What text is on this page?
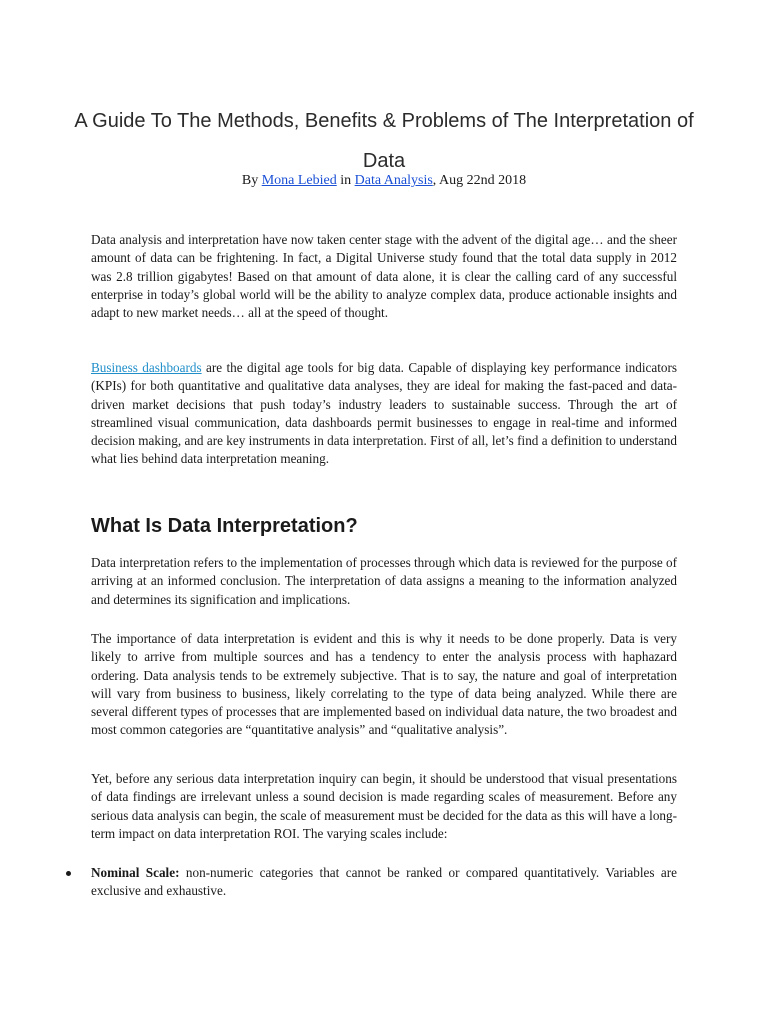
A Guide To The Methods, Benefits & Problems of The Interpretation of Data

By Mona Lebied in Data Analysis, Aug 22nd 2018

Data analysis and interpretation have now taken center stage with the advent of the digital age… and the sheer amount of data can be frightening. In fact, a Digital Universe study found that the total data supply in 2012 was 2.8 trillion gigabytes! Based on that amount of data alone, it is clear the calling card of any successful enterprise in today’s global world will be the ability to analyze complex data, produce actionable insights and adapt to new market needs… all at the speed of thought.

Business dashboards are the digital age tools for big data. Capable of displaying key performance indicators (KPIs) for both quantitative and qualitative data analyses, they are ideal for making the fast-paced and data-driven market decisions that push today’s industry leaders to sustainable success. Through the art of streamlined visual communication, data dashboards permit businesses to engage in real-time and informed decision making, and are key instruments in data interpretation. First of all, let’s find a definition to understand what lies behind data interpretation meaning.

What Is Data Interpretation?

Data interpretation refers to the implementation of processes through which data is reviewed for the purpose of arriving at an informed conclusion. The interpretation of data assigns a meaning to the information analyzed and determines its signification and implications.

The importance of data interpretation is evident and this is why it needs to be done properly. Data is very likely to arrive from multiple sources and has a tendency to enter the analysis process with haphazard ordering. Data analysis tends to be extremely subjective. That is to say, the nature and goal of interpretation will vary from business to business, likely correlating to the type of data being analyzed. While there are several different types of processes that are implemented based on individual data nature, the two broadest and most common categories are “quantitative analysis” and “qualitative analysis”.

Yet, before any serious data interpretation inquiry can begin, it should be understood that visual presentations of data findings are irrelevant unless a sound decision is made regarding scales of measurement. Before any serious data analysis can begin, the scale of measurement must be decided for the data as this will have a long-term impact on data interpretation ROI. The varying scales include:

Nominal Scale: non-numeric categories that cannot be ranked or compared quantitatively. Variables are exclusive and exhaustive.
